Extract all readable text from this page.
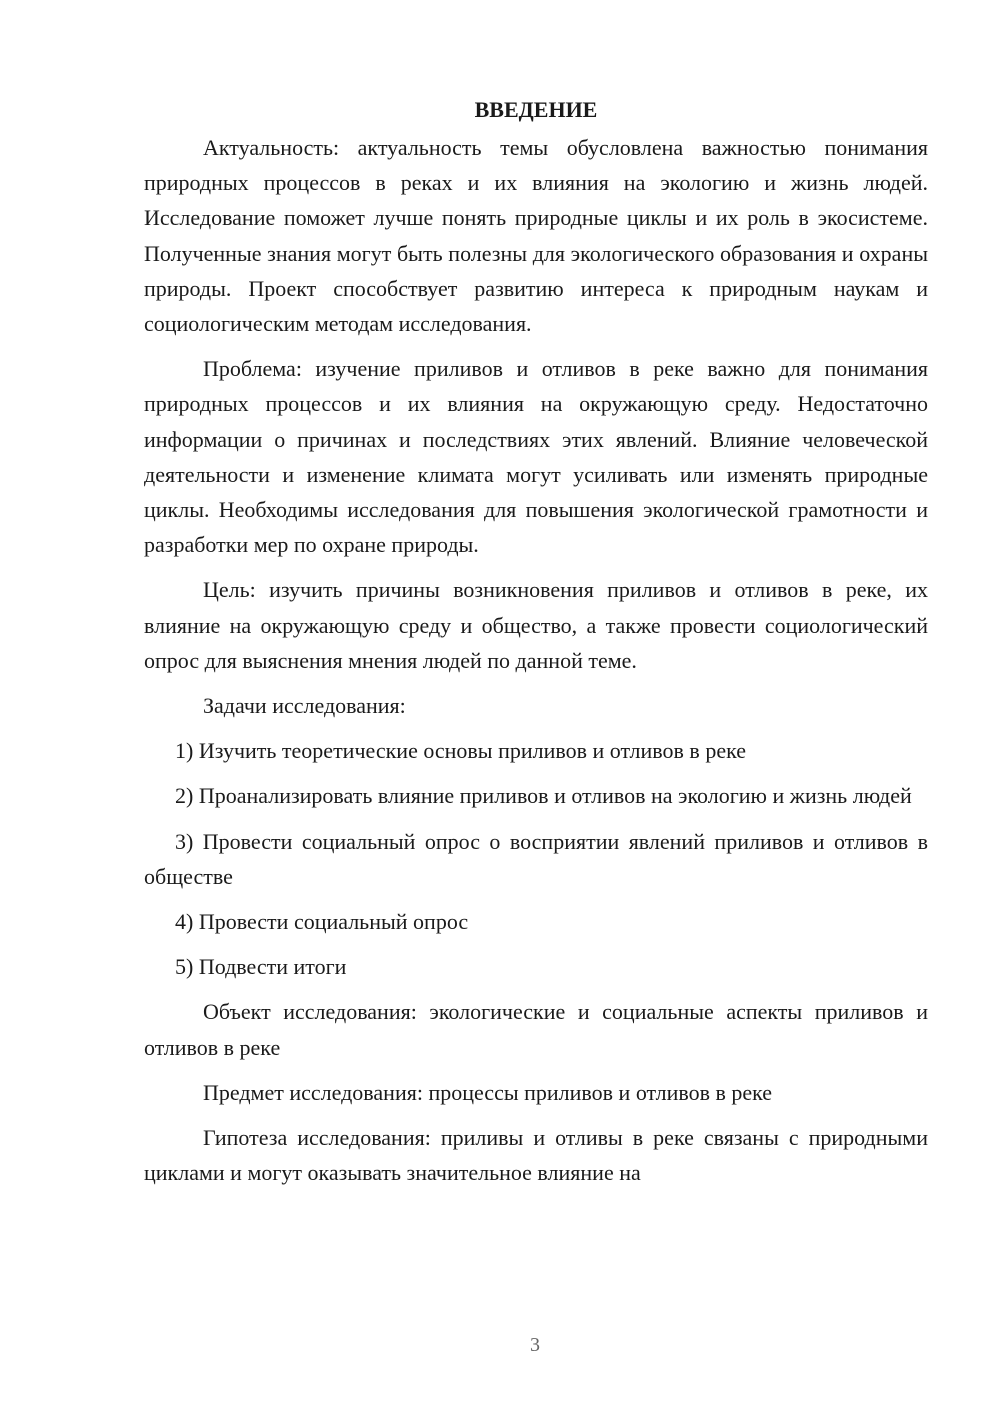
ВВЕДЕНИЕ

Актуальность: актуальность темы обусловлена важностью понимания природных процессов в реках и их влияния на экологию и жизнь людей. Исследование поможет лучше понять природные циклы и их роль в экосистеме. Полученные знания могут быть полезны для экологического образования и охраны природы. Проект способствует развитию интереса к природным наукам и социологическим методам исследования.

Проблема: изучение приливов и отливов в реке важно для понимания природных процессов и их влияния на окружающую среду. Недостаточно информации о причинах и последствиях этих явлений. Влияние человеческой деятельности и изменение климата могут усиливать или изменять природные циклы. Необходимы исследования для повышения экологической грамотности и разработки мер по охране природы.

Цель: изучить причины возникновения приливов и отливов в реке, их влияние на окружающую среду и общество, а также провести социологический опрос для выяснения мнения людей по данной теме.

Задачи исследования:

1) Изучить теоретические основы приливов и отливов в реке

2) Проанализировать влияние приливов и отливов на экологию и жизнь людей

3) Провести социальный опрос о восприятии явлений приливов и отливов в обществе

4) Провести социальный опрос

5) Подвести итоги

Объект исследования: экологические и социальные аспекты приливов и отливов в реке

Предмет исследования: процессы приливов и отливов в реке

Гипотеза исследования: приливы и отливы в реке связаны с природными циклами и могут оказывать значительное влияние на

3
